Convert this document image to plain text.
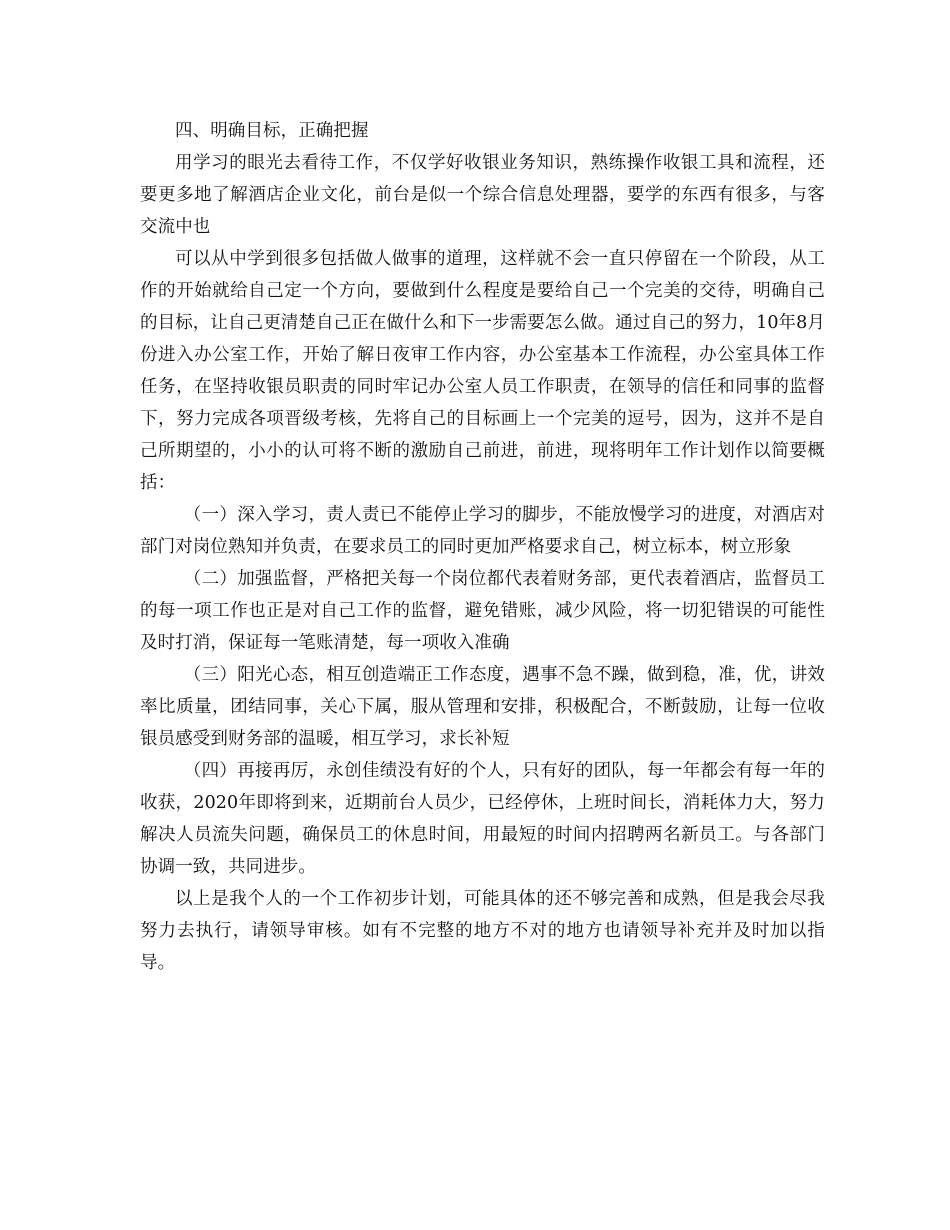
四、明确目标，正确把握

用学习的眼光去看待工作，不仅学好收银业务知识，熟练操作收银工具和流程，还要更多地了解酒店企业文化，前台是似一个综合信息处理器，要学的东西有很多，与客交流中也

可以从中学到很多包括做人做事的道理，这样就不会一直只停留在一个阶段，从工作的开始就给自己定一个方向，要做到什么程度是要给自己一个完美的交待，明确自己的目标，让自己更清楚自己正在做什么和下一步需要怎么做。通过自己的努力，10年8月份进入办公室工作，开始了解日夜审工作内容，办公室基本工作流程，办公室具体工作任务，在坚持收银员职责的同时牢记办公室人员工作职责，在领导的信任和同事的监督下，努力完成各项晋级考核，先将自己的目标画上一个完美的逗号，因为，这并不是自己所期望的，小小的认可将不断的激励自己前进，前进，现将明年工作计划作以简要概括：

（一）深入学习，责人责已不能停止学习的脚步，不能放慢学习的进度，对酒店对部门对岗位熟知并负责，在要求员工的同时更加严格要求自己，树立标本，树立形象

（二）加强监督，严格把关每一个岗位都代表着财务部，更代表着酒店，监督员工的每一项工作也正是对自己工作的监督，避免错账，减少风险，将一切犯错误的可能性及时打消，保证每一笔账清楚，每一项收入准确

（三）阳光心态，相互创造端正工作态度，遇事不急不躁，做到稳，准，优，讲效率比质量，团结同事，关心下属，服从管理和安排，积极配合，不断鼓励，让每一位收银员感受到财务部的温暖，相互学习，求长补短

（四）再接再厉，永创佳绩没有好的个人，只有好的团队，每一年都会有每一年的收获，2020年即将到来，近期前台人员少，已经停休，上班时间长，消耗体力大，努力解决人员流失问题，确保员工的休息时间，用最短的时间内招聘两名新员工。与各部门协调一致，共同进步。

以上是我个人的一个工作初步计划，可能具体的还不够完善和成熟，但是我会尽我努力去执行，请领导审核。如有不完整的地方不对的地方也请领导补充并及时加以指导。
